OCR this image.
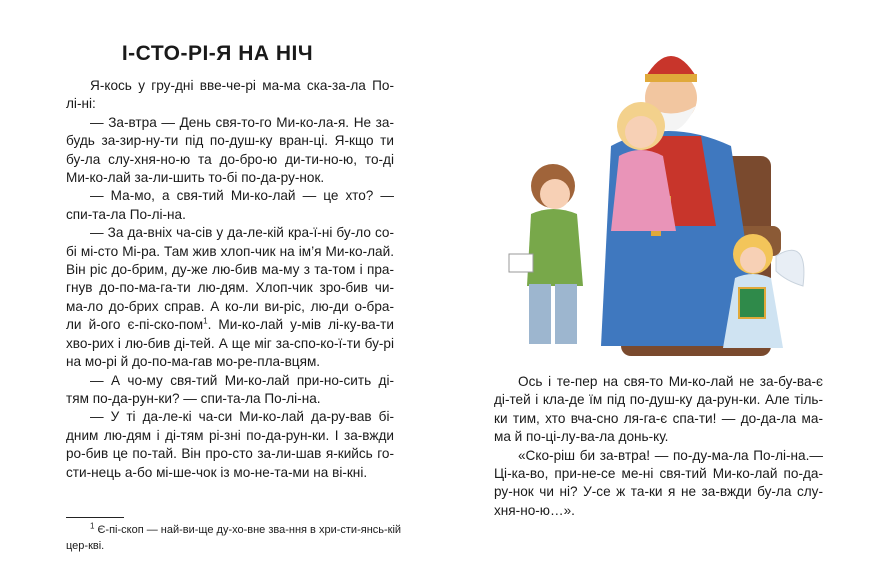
І-СТО-РІ-Я НА НІЧ

Я-кось у гру-дні вве-че-рі ма-ма ска-за-ла По-лі-ні:

— За-втра — День свя-то-го Ми-ко-ла-я. Не за-будь за-зир-ну-ти під по-душ-ку вран-ці. Я-кщо ти бу-ла слу-хня-но-ю та до-бро-ю ди-ти-но-ю, то-ді Ми-ко-лай за-ли-шить то-бі по-да-ру-нок.

— Ма-мо, а свя-тий Ми-ко-лай — це хто? — спи-та-ла По-лі-на.

— За да-вніх ча-сів у да-ле-кій кра-ї-ні бу-ло со-бі мі-сто Мі-ра. Там жив хлоп-чик на ім’я Ми-ко-лай. Він ріс до-брим, ду-же лю-бив ма-му з та-том і пра-гнув до-по-ма-га-ти лю-дям. Хлоп-чик зро-бив чи-ма-ло до-брих справ. А ко-ли ви-ріс, лю-ди о-бра-ли й-ого є-пі-ско-пом$^1$. Ми-ко-лай у-мів лі-ку-ва-ти хво-рих і лю-бив ді-тей. А ще міг за-спо-ко-ї-ти бу-рі на мо-рі й до-по-ма-гав мо-ре-пла-вцям.

— А чо-му свя-тий Ми-ко-лай при-но-сить ді-тям по-да-рун-ки? — спи-та-ла По-лі-на.

— У ті да-ле-кі ча-си Ми-ко-лай да-ру-вав бі-дним лю-дям і ді-тям рі-зні по-да-рун-ки. І за-вжди ро-бив це по-тай. Він про-сто за-ли-шав я-кийсь го-сти-нець а-бо мі-ше-чок із мо-не-та-ми на ві-кні.

$^1$ Є-пі-скоп — най-ви-ще ду-хо-вне зва-ння в хри-сти-янсь-кій цер-кві.

Ось і те-пер на свя-то Ми-ко-лай не за-бу-ва-є ді-тей і кла-де їм під по-душ-ку да-рун-ки. Але тіль-ки тим, хто вча-сно ля-га-є спа-ти! — до-да-ла ма-ма й по-ці-лу-ва-ла донь-ку.

«Ско-ріш би за-втра! — по-ду-ма-ла По-лі-на.— Ці-ка-во, при-не-се ме-ні свя-тий Ми-ко-лай по-да-ру-нок чи ні? У-се ж та-ки я не за-вжди бу-ла слу-хня-но-ю…».
